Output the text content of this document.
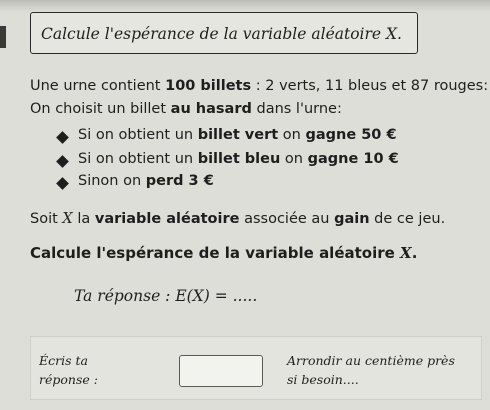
Calcule l'espérance de la variable aléatoire X.
Une urne contient 100 billets : 2 verts, 11 bleus et 87 rouges:
On choisit un billet au hasard dans l'urne:
Si on obtient un billet vert on gagne 50 €
Si on obtient un billet bleu on gagne 10 €
Sinon on perd 3 €
Soit X la variable aléatoire associée au gain de ce jeu.
Calcule l'espérance de la variable aléatoire X.
Ta réponse : E(X) = .....
Écris ta
réponse :
Arrondir au centième près
si besoin....
